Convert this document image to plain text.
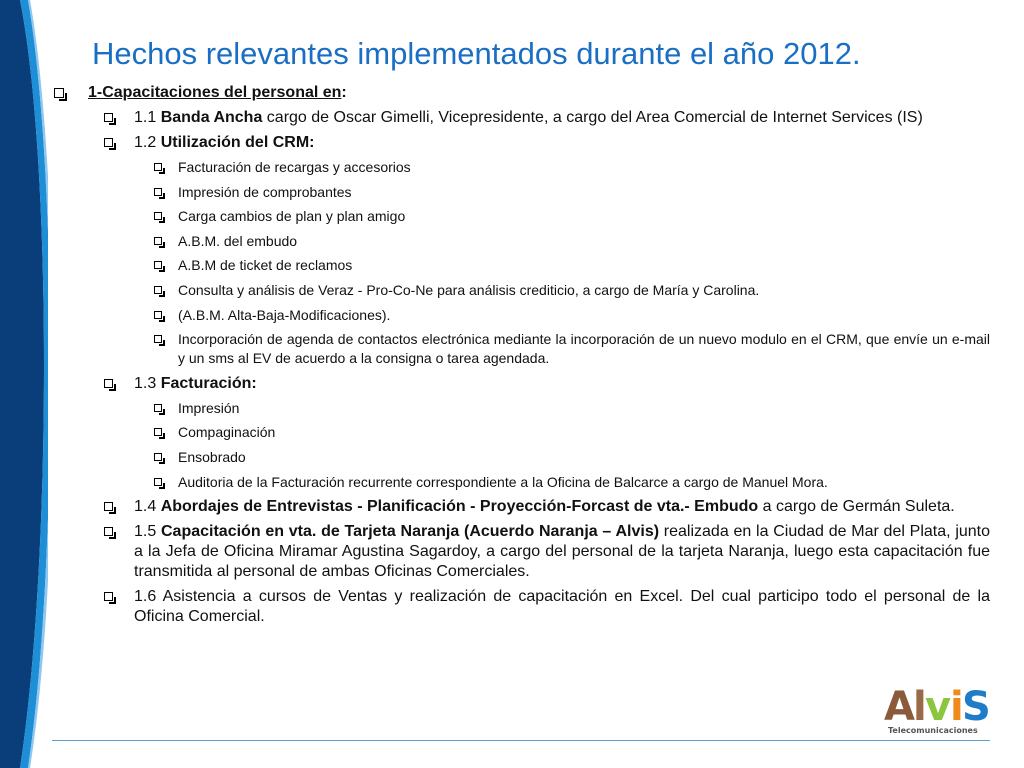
Hechos relevantes implementados durante el año 2012.
1-Capacitaciones del personal en:
1.1 Banda Ancha cargo de Oscar Gimelli, Vicepresidente, a cargo del Area Comercial de Internet Services (IS)
1.2 Utilización del CRM:
Facturación de recargas y accesorios
Impresión de comprobantes
Carga cambios de plan y plan amigo
A.B.M. del embudo
A.B.M de ticket de reclamos
Consulta y análisis de Veraz - Pro-Co-Ne para análisis crediticio, a cargo de María y Carolina.
(A.B.M. Alta-Baja-Modificaciones).
Incorporación de agenda de contactos electrónica mediante la incorporación de un nuevo modulo en el CRM, que envíe un e-mail y un sms al EV de acuerdo a la consigna o tarea agendada.
1.3 Facturación:
Impresión
Compaginación
Ensobrado
Auditoria de la Facturación recurrente correspondiente a la Oficina de Balcarce a cargo de Manuel Mora.
1.4 Abordajes de Entrevistas - Planificación - Proyección-Forcast de vta.- Embudo a cargo de Germán Suleta.
1.5 Capacitación en vta. de Tarjeta Naranja (Acuerdo Naranja – Alvis) realizada en la Ciudad de Mar del Plata, junto a la Jefa de Oficina Miramar Agustina Sagardoy, a cargo del personal de la tarjeta Naranja, luego esta capacitación fue transmitida al personal de ambas Oficinas Comerciales.
1.6 Asistencia a cursos de Ventas y realización de capacitación en Excel. Del cual participo todo el personal de la Oficina Comercial.
A
l
v
i
S
Telecomunicaciones
